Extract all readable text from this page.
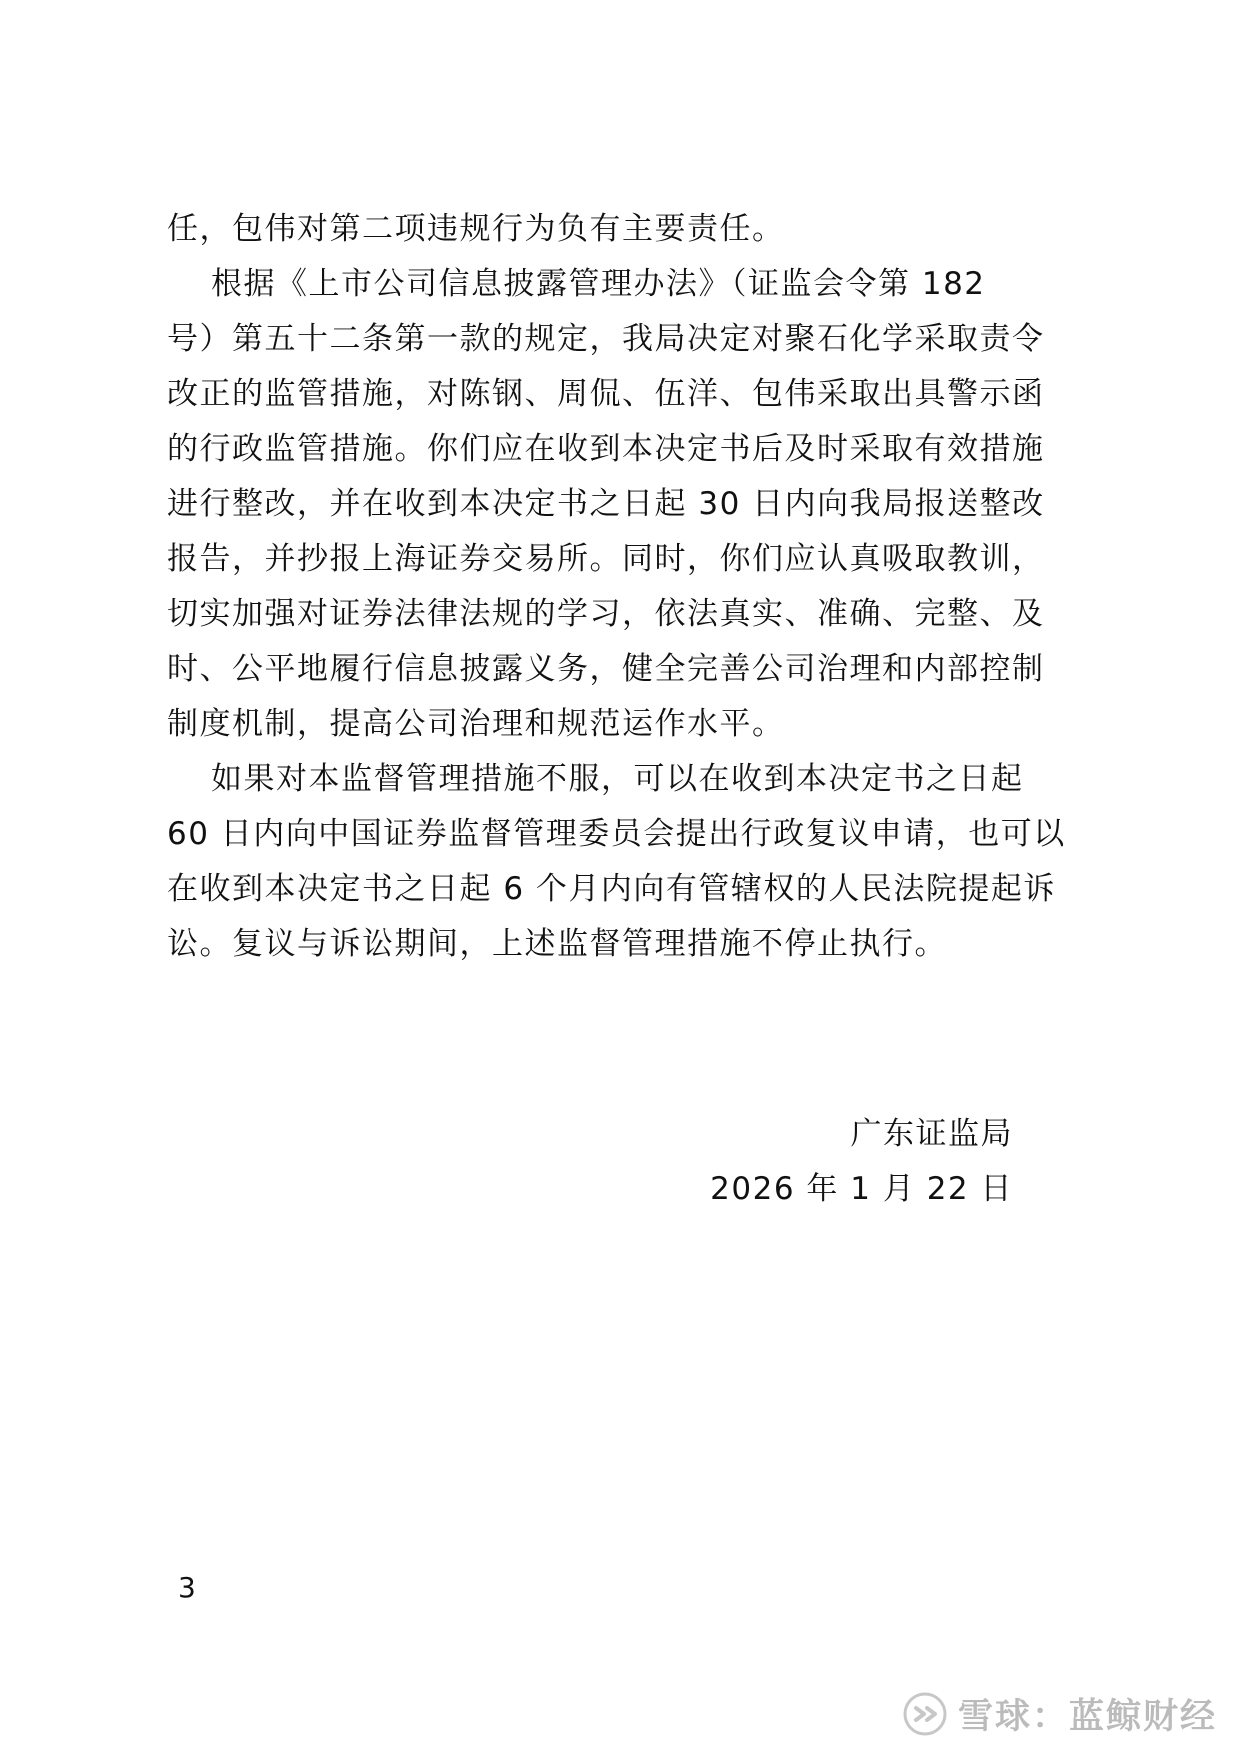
任，包伟对第二项违规行为负有主要责任。
根据《上市公司信息披露管理办法》（证监会令第 182
号）第五十二条第一款的规定，我局决定对聚石化学采取责令
改正的监管措施，对陈钢、周侃、伍洋、包伟采取出具警示函
的行政监管措施。你们应在收到本决定书后及时采取有效措施
进行整改，并在收到本决定书之日起 30 日内向我局报送整改
报告，并抄报上海证券交易所。同时，你们应认真吸取教训，
切实加强对证券法律法规的学习，依法真实、准确、完整、及
时、公平地履行信息披露义务，健全完善公司治理和内部控制
制度机制，提高公司治理和规范运作水平。
如果对本监督管理措施不服，可以在收到本决定书之日起
60 日内向中国证券监督管理委员会提出行政复议申请，也可以
在收到本决定书之日起 6 个月内向有管辖权的人民法院提起诉
讼。复议与诉讼期间，上述监督管理措施不停止执行。
广东证监局
2026 年 1 月 22 日
3
雪球：蓝鲸财经
